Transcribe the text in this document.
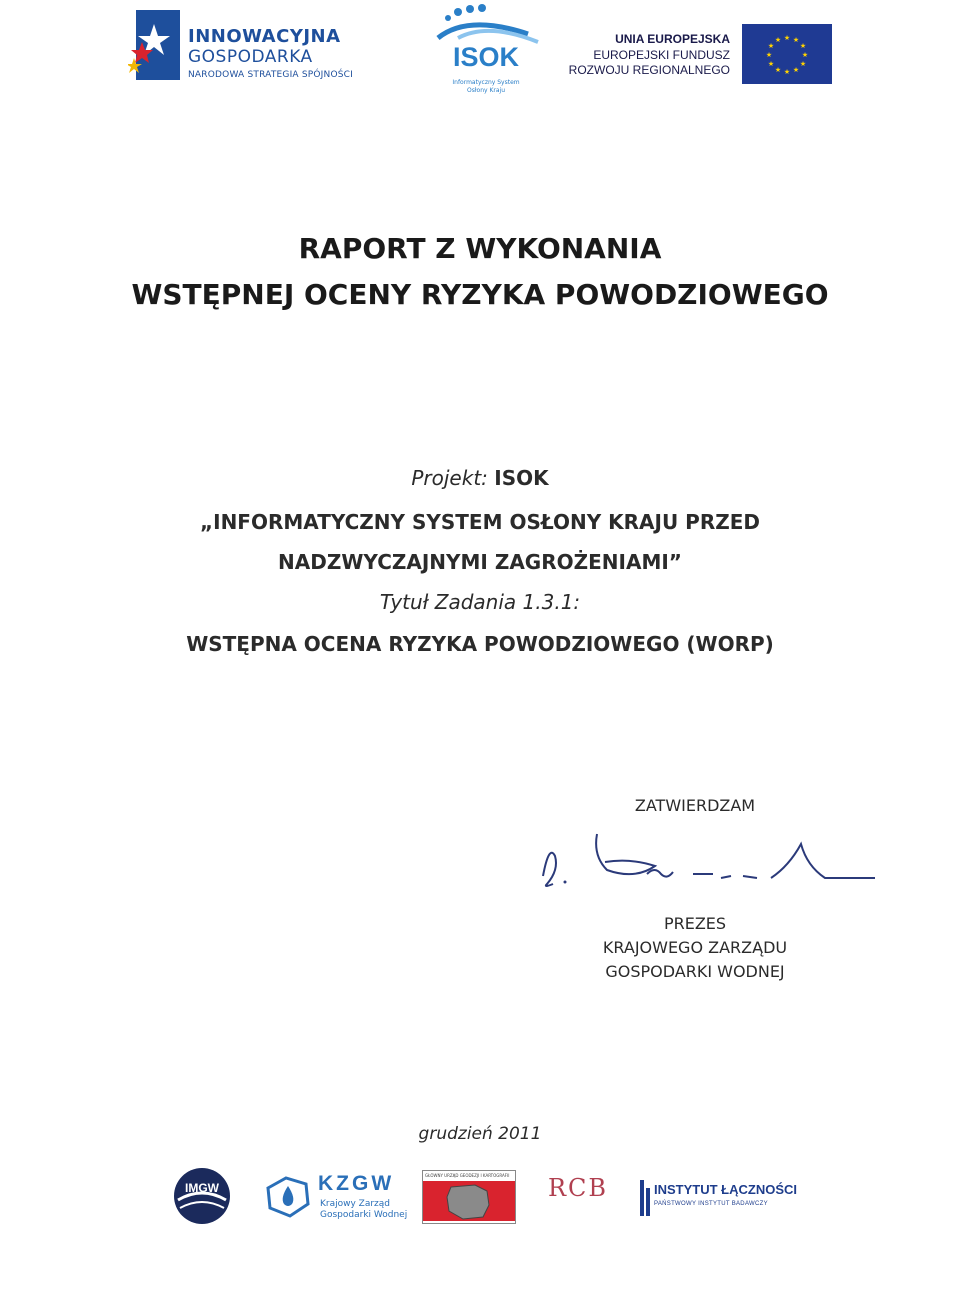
INNOWACYJNA
GOSPODARKA
NARODOWA STRATEGIA SPÓJNOŚCI
ISOK
Informatyczny System
Osłony Kraju
UNIA EUROPEJSKA
EUROPEJSKI FUNDUSZ
ROZWOJU REGIONALNEGO
★ ★
★
★
★
★
★
★
★
★
★
★
RAPORT Z WYKONANIA
WSTĘPNEJ OCENY RYZYKA POWODZIOWEGO
Projekt: ISOK
„INFORMATYCZNY SYSTEM OSŁONY KRAJU PRZED
NADZWYCZAJNYMI ZAGROŻENIAMI”
Tytuł Zadania 1.3.1:
WSTĘPNA OCENA RYZYKA POWODZIOWEGO (WORP)
ZATWIERDZAM
PREZES
KRAJOWEGO ZARZĄDU
GOSPODARKI WODNEJ
grudzień 2011
IMGW	KZGW
Krajowy Zarząd
Gospodarki Wodnej
GŁÓWNY URZĄD GEODEZJI I KARTOGRAFII RCB	INSTYTUT ŁĄCZNOŚCI
PAŃSTWOWY INSTYTUT BADAWCZY
